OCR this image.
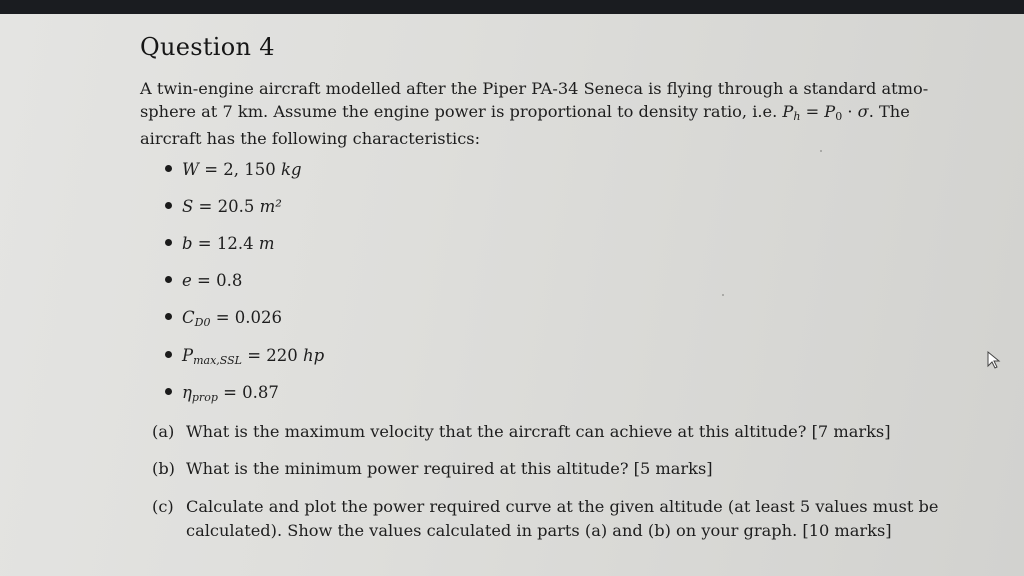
Question 4

A twin-engine aircraft modelled after the Piper PA-34 Seneca is flying through a standard atmo-

sphere at 7 km. Assume the engine power is proportional to density ratio, i.e. $P_h = P_0 \cdot \sigma$. The

aircraft has the following characteristics:

W = 2, 150 kg
S = 20.5 m²
b = 12.4 m
e = 0.8
$C_{D0} = 0.026$
$P_{max,SSL} = 220$ hp
$\eta_{prop} = 0.87$
(a) What is the maximum velocity that the aircraft can achieve at this altitude? [7 marks]
(b) What is the minimum power required at this altitude? [5 marks]
(c) Calculate and plot the power required curve at the given altitude (at least 5 values must be
calculated). Show the values calculated in parts (a) and (b) on your graph. [10 marks]
